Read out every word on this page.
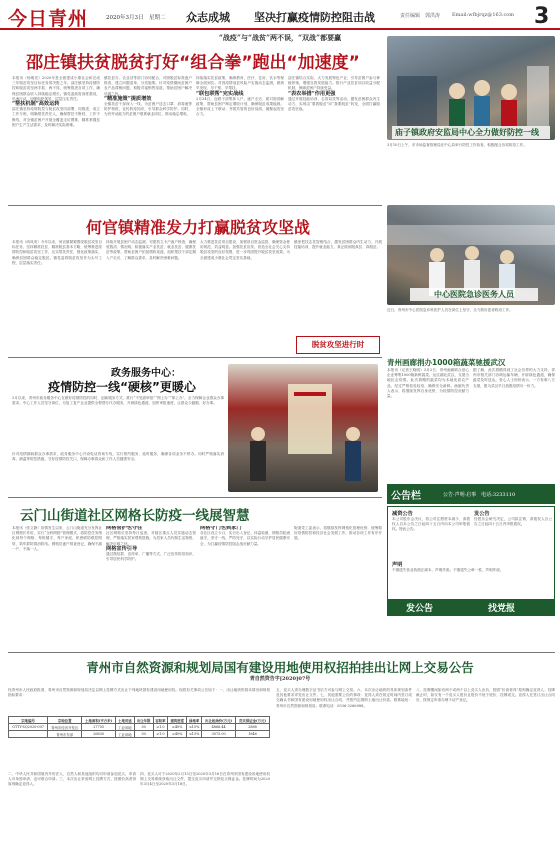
今日青州	2020年3月3日　星期二 众志成城 坚决打赢疫情防控阻击战	责任编辑　郭洪涛 Email:wfbjrqz@163.com 3
“战疫”与“战贫”两不误，“双战”都要赢
邵庄镇扶贫脱贫打好“组合拳”跑出“加速度”
本报讯（杨明亮）2020年是全面建成小康社会和完成三年脱贫攻坚目标任务的决胜之年。邵庄镇坚持疫情防控和脱贫攻坚两手抓、两不误，统筹推进各项工作，确保贫困群众收入持续稳定增长。镇党委政府高度重视，迅速行动，加强组织领导，层层压实责任。
“帮扶机制”高效运转
邵庄镇坚持疫情防控与脱贫攻坚同部署、同推进，成立工作专班，明确帮扶责任人，确保帮扶不断档、工作不断线，对全镇贫困户开展全覆盖走访摸排，精准掌握贫困户生产生活需求，及时解决实际困难。
镇扶贫办、农业站等部门协同配合，对照脱贫标准逐户排查，建立问题清单，分类施策。针对疫情期间贫困户农产品滞销问题，积极对接销售渠道，帮助贫困户解决后顾之忧。
“精准施策”提质增效
全镇扶贫干部深入一线，为贫困户送去口罩、消毒液等防护物资，宣传防疫知识，引导群众科学防护。同时，为有劳动能力的贫困户联系就业岗位，推动稳定增收。
持续落实扶贫政策，确保教育、医疗、住房、饮水等保障全面到位。对因疫情返贫风险户实施动态监测，做到早发现、早干预、早帮扶。
“联包联帮”完实战线
2月24日，包联干部集体入户，逐户走访，面对面讲解政策，帮助贫困户制定增收计划，确保脱贫成果稳固。全镇形成上下联动、齐抓共管的良好局面，凝聚起攻坚合力。
邵庄镇结合实际，大力发展特色产业，引导贫困户参与种植养殖，增强自我发展能力。推行产业扶贫项目收益分配机制，保障贫困户持续受益。
“表农举措”作用更强
通过开展技能培训、志智双扶等活动，激发贫困群众内生动力，实现由“要我脱贫”向“我要脱贫”转变，全面打赢脱贫攻坚战。
庙子镇政府安监局中心全力做好防控一线
3月10日上午，市市场监督管理局在中心局举行防控工作检查，积极配合各项防疫工作。
何官镇精准发力打赢脱贫攻坚战
本报讯（尚凤美）今年以来，何官镇紧紧围绕脱贫攻坚目标任务，坚持精准扶贫、精准脱贫基本方略，统筹推进疫情防控和脱贫攻坚工作，压实帮扶责任，强化政策落实，确保贫困群众稳定脱贫。镇党委将脱贫攻坚作为头号工程，层层落实责任。
持续开展贫困户动态监测，对建档立卡户逐户核查，确保底数清、情况明。积极落实产业扶贫、就业扶贫、健康扶贫等政策，帮助贫困户拓宽增收渠道。组织帮扶干部定期入户走访，了解群众需求，及时解决困难问题。
大力推进扶贫项目建设，加强项目资金监管，确保资金使用规范、效益明显。加强扶贫宣传，营造全社会关心支持脱贫攻坚的良好氛围，进一步巩固提升脱贫攻坚成果，为全面建成小康社会奠定坚实基础。
镇里把扶志扶智相结合，激发贫困群众内生动力，开展技能培训，提升就业能力，真正做到脱真贫、真脱贫。
脱贫攻坚进行时
中心医院急诊医务人员
近日，青州市中心医院急诊科医护人员在岗位上坚守，全力做好患者救治工作。
青州画廊捐办1000箱蔬菜驰援武汉
本报讯（记者王晓明）3月2日，青州画廊联合爱心企业筹集1000箱新鲜蔬菜，运往湖北武汉，支援当地抗击疫情。此次捐赠的蔬菜均为本地优质农产品，经过严格检验检疫，确保安全新鲜。画廊负责人表示，将继续发挥自身优势，为疫情防控贡献力量。
据了解，此次捐赠得到了社会各界的大力支持，青州市相关部门协调运输车辆，开辟绿色通道，确保蔬菜及时送达。爱心人士纷纷表示，一方有难八方支援，愿为武汉早日战胜疫情尽一份力。
政务服务中心：
疫情防控一线“硬核”更暖心
2月以来，青州市政务服务中心在做好疫情防控的同时，创新服务方式，推行“不见面审批”“网上办”“掌上办”，全力保障企业群众办事需求。中心工作人员坚守岗位，为复工复产企业提供全程帮办代办服务，开辟绿色通道，加快审批速度，让群众少跑腿、好办事。
针对疫情期间群众办事需求，政务服务中心开设电话咨询专线，实行预约服务、延时服务，确保各项业务不停办。同时严格落实消毒、测温等防控措施，守好疫情防控关口，保障办事群众和工作人员健康安全。
公告栏	公告·声明·启事　电话:3233110
减资公告
本公司股东会决议，将公司注册资本减少，请债权人自本公告之日起四十五日内向本公司申报债权。特此公告。
发公告
经股东会研究决定，公司拟注销，请债权人自公告之日起四十五日内申报债权。
声明
不慎遗失营业执照正副本，声明作废。不慎遗失公章一枚，声明作废。
发公告	找党报
云门山街道社区网格长防疫一线展智慧
本报讯（张文静）疫情发生以来，云门山街道充分发挥社区网格长作用，实行“全科网格”管理模式，将防控任务细化到每个网格、每栋楼宇、每户家庭，织密联防联控网络，筑牢群防群治防线。网格员逐户排查登记，确保不漏一户、不落一人。
网格管护也守住
社区网格长坚持每日巡查，对辖区重点人员实施动态管理，严格落实居家观察措施，为居家人员代购生活物资，解决后顾之忧。
网格宣传引导
通过微信群、宣传单、广播等方式，广泛宣传防疫知识，引导居民科学防护。
网格守门也到家门
各社区设立卡口，实行出入登记、体温检测，网格员轮流值守，坚守一线，严防死守，以实际行动守护居民健康安全，为打赢疫情防控阻击战贡献力量。
街道党工委表示，将继续发挥网格化管理优势，统筹做好疫情防控和经济社会发展工作，推动各项工作有序开展。
青州市自然资源和规划局国有建设用地使用权招拍挂出让网上交易公告
青自然资告字[2020]07号
经青州市人民政府批准，青州市自然资源和规划局决定以网上挂牌方式出让下列地块国有建设用地使用权。现将有关事项公告如下：一、出让地块的基本情况和规划指标要求：
宗地编号	宗地位置	土地面积(平方米)	土地用途	出让年限	容积率	建筑密度	绿地率	出让起始价(万元)	竞买保证金(万元)
GTTY-SQ2020-007	青州市经济开发区	27755	工业用地	50	≥1.0	≥40%	≤15%	4866.44	2888
	青州市东部	26830	工业用地	50	≥1.0	≥40%	≤15%	3075.00	1846
二、中华人民共和国境内外的法人、自然人和其他组织均可申请参加竞买，申请人可单独申请，也可联合申请。三、本次出让采用网上挂牌方式，按照价高者得原则确定竞得人。
四、竞买人可于2020年2月13日至2020年3月16日在青州市国有建设用地使用权网上交易系统获取出让文件，提交竞买申请并交纳竞买保证金。挂牌时间为2020年3月4日至2020年3月18日。
五、竞买人须办理数字证书后方可参与网上交易。六、本次出让地块的具体规划条件及其他要求详见出让文件。七、其他需要公告的事项：竞得人须在规定时间内签订成交确认书和国有建设用地使用权出让合同，并按约定缴纳土地出让价款。联系地址：青州市自然资源和规划局；联系电话：0536-3266988。
八、挂牌期间如有两个或两个以上竞买人出价，按照“价高者得”原则确定竞得人；挂牌截止时，如仅有一个竞买人报价且报价不低于底价，挂牌成交。竞得人在签订出让合同后，按规定申请办理不动产登记。
